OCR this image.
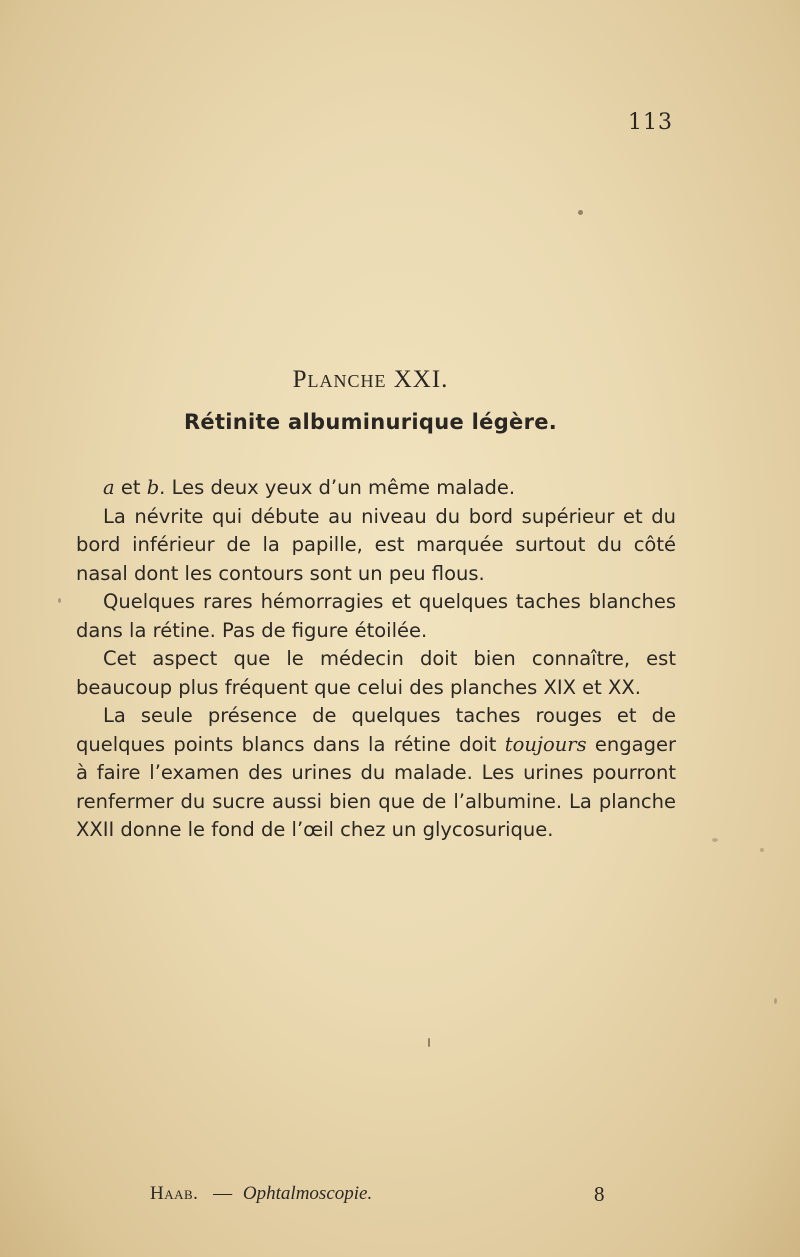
113
Planche XXI.
Rétinite albuminurique légère.

a et b. Les deux yeux d’un même malade.

La névrite qui débute au niveau du bord supérieur et du bord inférieur de la papille, est marquée surtout du côté nasal dont les contours sont un peu flous.

Quelques rares hémorragies et quelques taches blanches dans la rétine. Pas de figure étoilée.

Cet aspect que le médecin doit bien connaître, est beaucoup plus fréquent que celui des planches XIX et XX.

La seule présence de quelques taches rouges et de quelques points blancs dans la rétine doit toujours engager à faire l’examen des urines du malade. Les urines pourront renfermer du sucre aussi bien que de l’albumine. La planche XXII donne le fond de l’œil chez un glycosurique.

Haab. — Ophtalmoscopie.	8
